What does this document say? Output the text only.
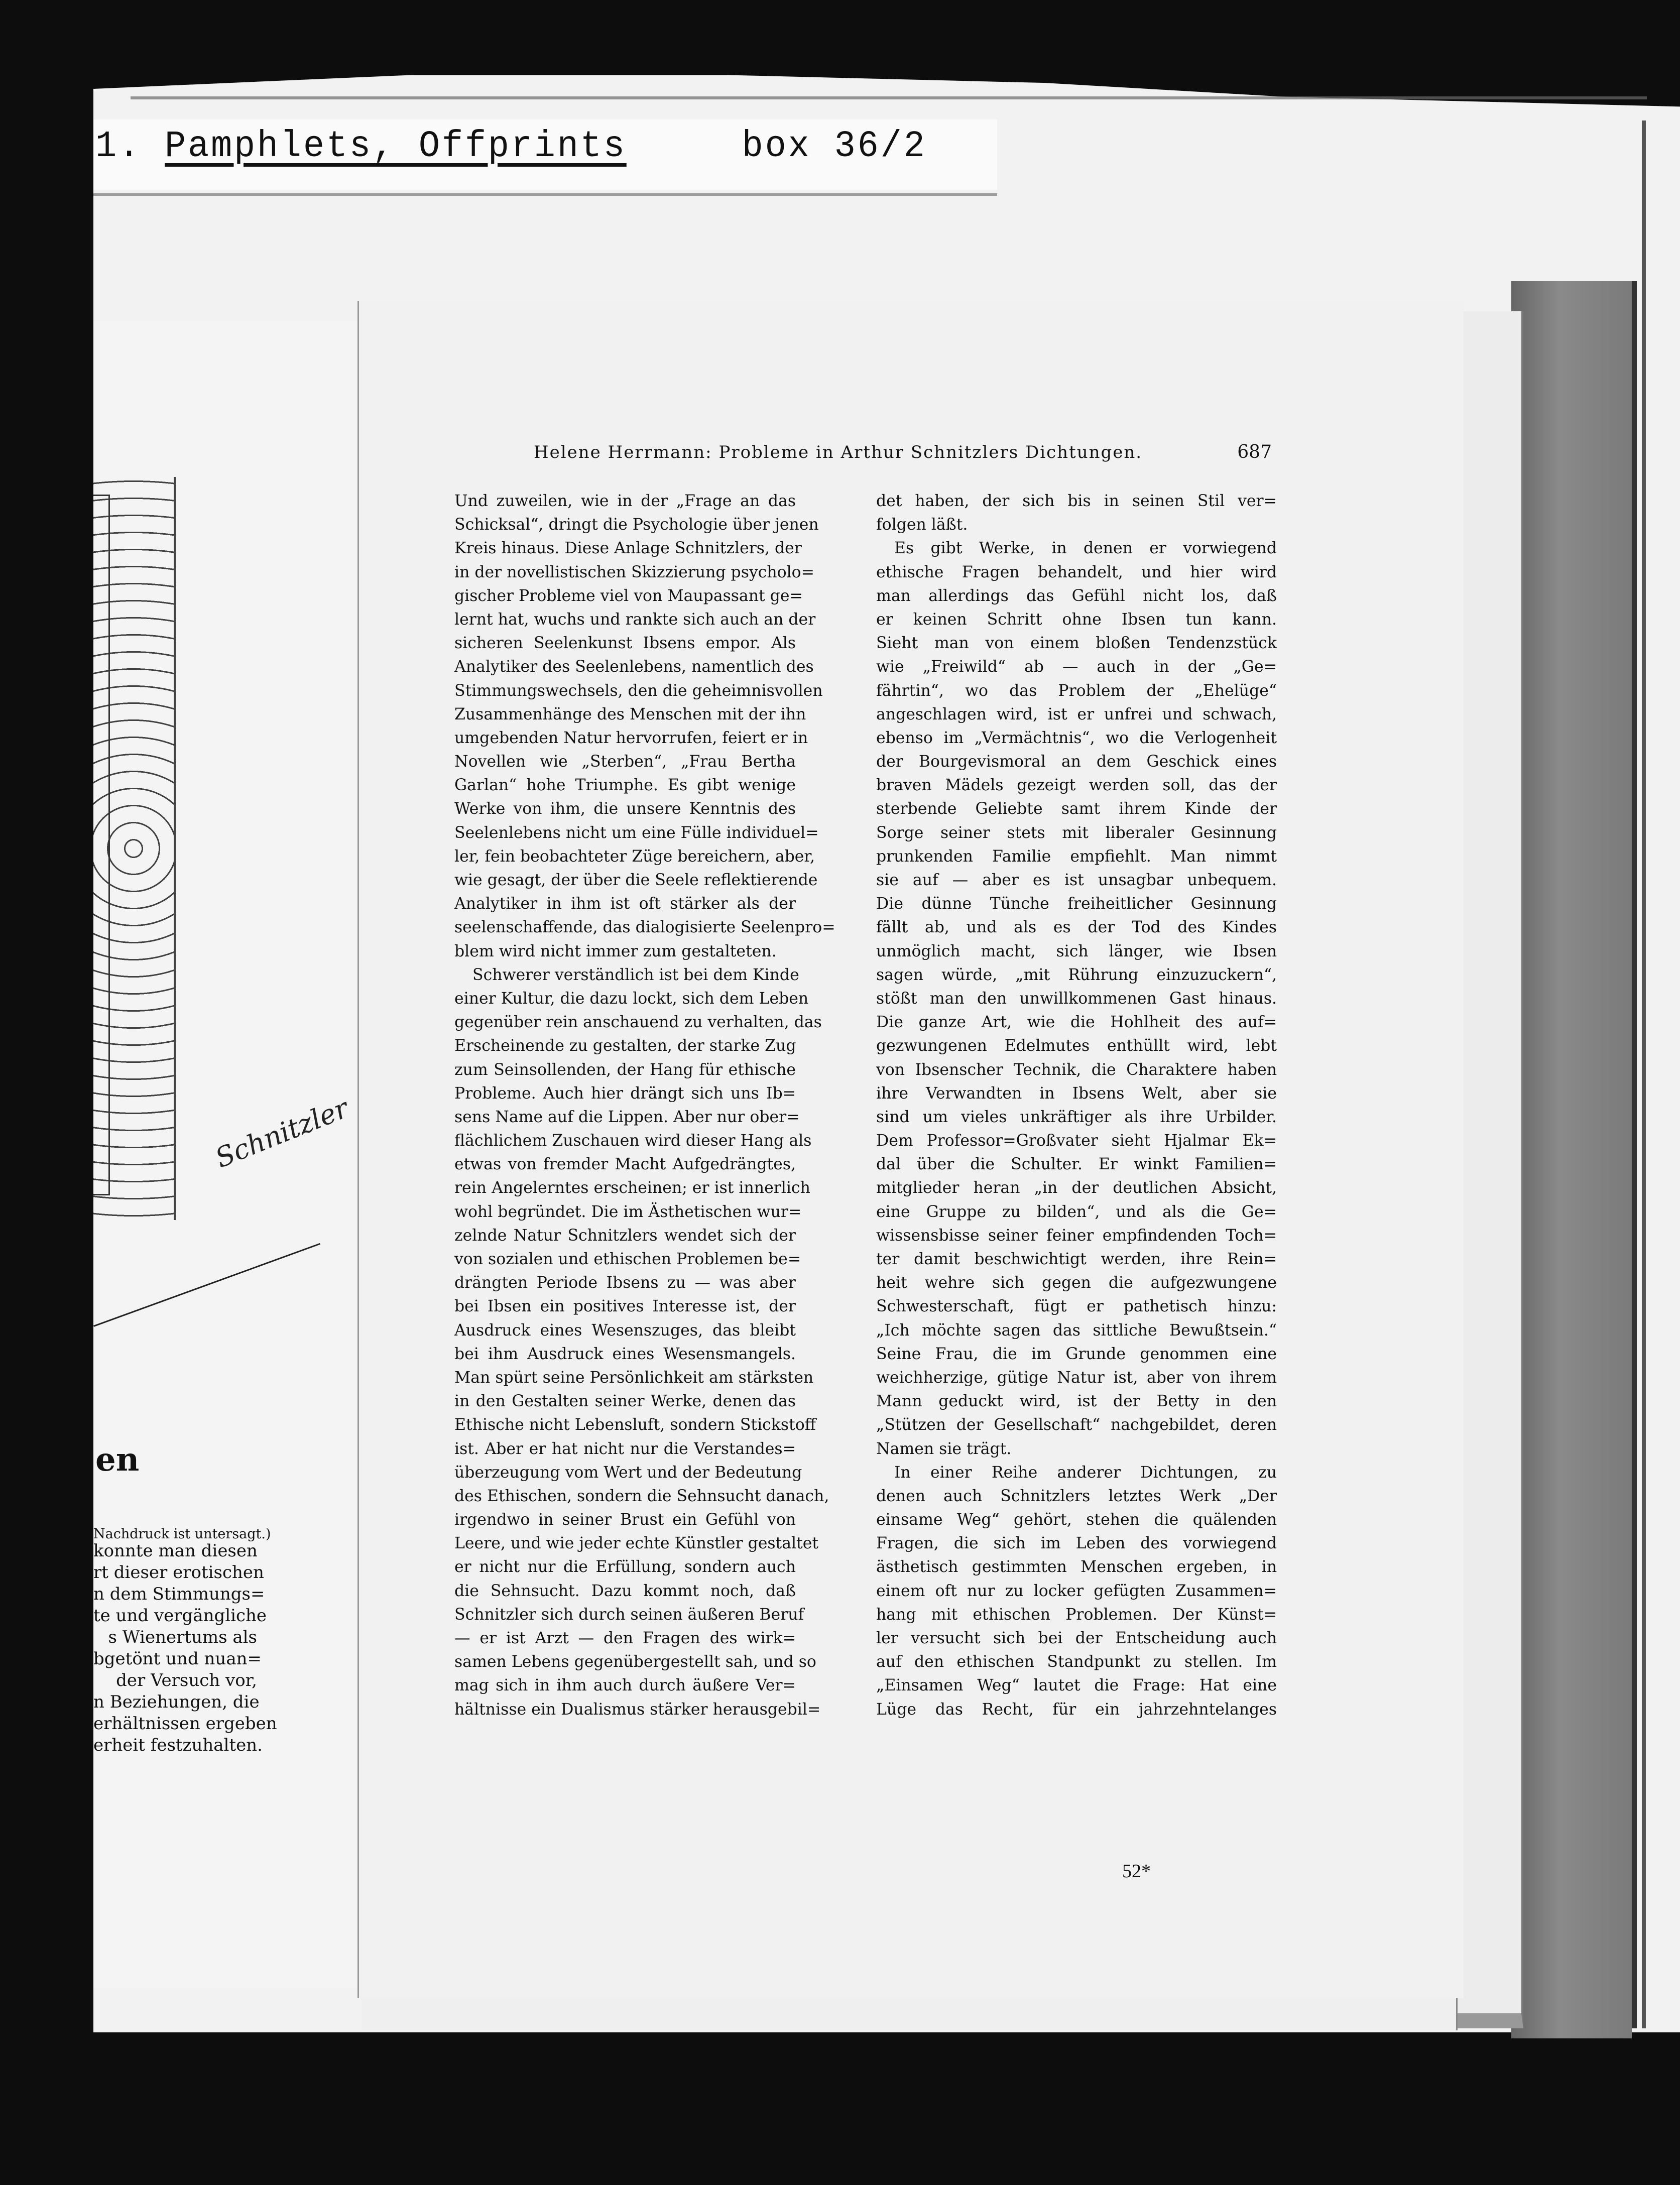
1. Pamphlets, Offprints	box 36/2
Schnitzler
en
Nachdruck ist untersagt.)
konnte man diesen
rt dieser erotischen
n dem Stimmungs=
te und vergängliche
s Wienertums als
bgetönt und nuan=
der Versuch vor,
n Beziehungen, die
erhältnissen ergeben
erheit festzuhalten.
Helene Herrmann: Probleme in Arthur Schnitzlers Dichtungen.	687
Und zuweilen, wie in der „Frage an das
Schicksal“, dringt die Psychologie über jenen
Kreis hinaus. Diese Anlage Schnitzlers, der
in der novellistischen Skizzierung psycholo=
gischer Probleme viel von Maupassant ge=
lernt hat, wuchs und rankte sich auch an der
sicheren Seelenkunst Ibsens empor. Als
Analytiker des Seelenlebens, namentlich des
Stimmungswechsels, den die geheimnisvollen
Zusammenhänge des Menschen mit der ihn
umgebenden Natur hervorrufen, feiert er in
Novellen wie „Sterben“, „Frau Bertha
Garlan“ hohe Triumphe. Es gibt wenige
Werke von ihm, die unsere Kenntnis des
Seelenlebens nicht um eine Fülle individuel=
ler, fein beobachteter Züge bereichern, aber,
wie gesagt, der über die Seele reflektierende
Analytiker in ihm ist oft stärker als der
seelenschaffende, das dialogisierte Seelenpro=
blem wird nicht immer zum gestalteten.
Schwerer verständlich ist bei dem Kinde
einer Kultur, die dazu lockt, sich dem Leben
gegenüber rein anschauend zu verhalten, das
Erscheinende zu gestalten, der starke Zug
zum Seinsollenden, der Hang für ethische
Probleme. Auch hier drängt sich uns Ib=
sens Name auf die Lippen. Aber nur ober=
flächlichem Zuschauen wird dieser Hang als
etwas von fremder Macht Aufgedrängtes,
rein Angelerntes erscheinen; er ist innerlich
wohl begründet. Die im Ästhetischen wur=
zelnde Natur Schnitzlers wendet sich der
von sozialen und ethischen Problemen be=
drängten Periode Ibsens zu — was aber
bei Ibsen ein positives Interesse ist, der
Ausdruck eines Wesenszuges, das bleibt
bei ihm Ausdruck eines Wesensmangels.
Man spürt seine Persönlichkeit am stärksten
in den Gestalten seiner Werke, denen das
Ethische nicht Lebensluft, sondern Stickstoff
ist. Aber er hat nicht nur die Verstandes=
überzeugung vom Wert und der Bedeutung
des Ethischen, sondern die Sehnsucht danach,
irgendwo in seiner Brust ein Gefühl von
Leere, und wie jeder echte Künstler gestaltet
er nicht nur die Erfüllung, sondern auch
die Sehnsucht. Dazu kommt noch, daß
Schnitzler sich durch seinen äußeren Beruf
— er ist Arzt — den Fragen des wirk=
samen Lebens gegenübergestellt sah, und so
mag sich in ihm auch durch äußere Ver=
hältnisse ein Dualismus stärker herausgebil=
det haben, der sich bis in seinen Stil ver=
folgen läßt.
Es gibt Werke, in denen er vorwiegend
ethische Fragen behandelt, und hier wird
man allerdings das Gefühl nicht los, daß
er keinen Schritt ohne Ibsen tun kann.
Sieht man von einem bloßen Tendenzstück
wie „Freiwild“ ab — auch in der „Ge=
fährtin“, wo das Problem der „Ehelüge“
angeschlagen wird, ist er unfrei und schwach,
ebenso im „Vermächtnis“, wo die Verlogenheit
der Bourgevismoral an dem Geschick eines
braven Mädels gezeigt werden soll, das der
sterbende Geliebte samt ihrem Kinde der
Sorge seiner stets mit liberaler Gesinnung
prunkenden Familie empfiehlt. Man nimmt
sie auf — aber es ist unsagbar unbequem.
Die dünne Tünche freiheitlicher Gesinnung
fällt ab, und als es der Tod des Kindes
unmöglich macht, sich länger, wie Ibsen
sagen würde, „mit Rührung einzuzuckern“,
stößt man den unwillkommenen Gast hinaus.
Die ganze Art, wie die Hohlheit des auf=
gezwungenen Edelmutes enthüllt wird, lebt
von Ibsenscher Technik, die Charaktere haben
ihre Verwandten in Ibsens Welt, aber sie
sind um vieles unkräftiger als ihre Urbilder.
Dem Professor=Großvater sieht Hjalmar Ek=
dal über die Schulter. Er winkt Familien=
mitglieder heran „in der deutlichen Absicht,
eine Gruppe zu bilden“, und als die Ge=
wissensbisse seiner feiner empfindenden Toch=
ter damit beschwichtigt werden, ihre Rein=
heit wehre sich gegen die aufgezwungene
Schwesterschaft, fügt er pathetisch hinzu:
„Ich möchte sagen das sittliche Bewußtsein.“
Seine Frau, die im Grunde genommen eine
weichherzige, gütige Natur ist, aber von ihrem
Mann geduckt wird, ist der Betty in den
„Stützen der Gesellschaft“ nachgebildet, deren
Namen sie trägt.
In einer Reihe anderer Dichtungen, zu
denen auch Schnitzlers letztes Werk „Der
einsame Weg“ gehört, stehen die quälenden
Fragen, die sich im Leben des vorwiegend
ästhetisch gestimmten Menschen ergeben, in
einem oft nur zu locker gefügten Zusammen=
hang mit ethischen Problemen. Der Künst=
ler versucht sich bei der Entscheidung auch
auf den ethischen Standpunkt zu stellen. Im
„Einsamen Weg“ lautet die Frage: Hat eine
Lüge das Recht, für ein jahrzehntelanges
52*
